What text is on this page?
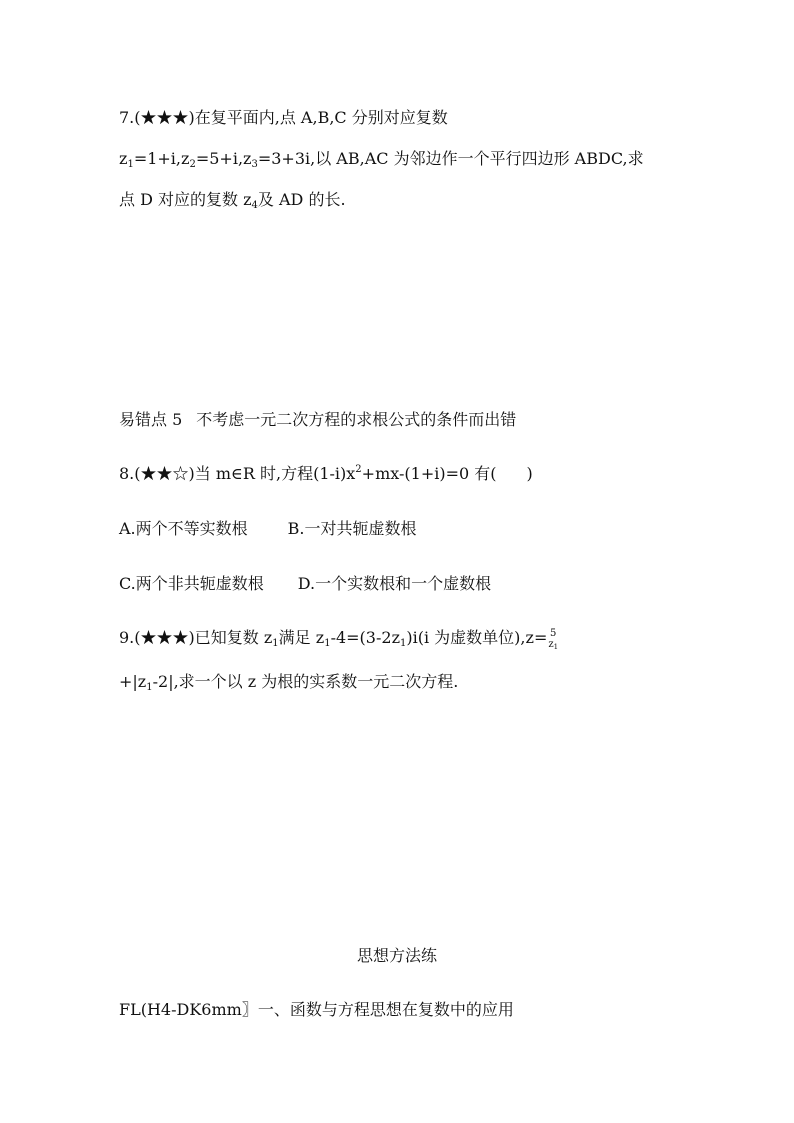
7.(★★★)在复平面内,点 A,B,C 分别对应复数
$z_1=1+i,z_2=5+i,z_3=3+3i$,以 AB,AC 为邻边作一个平行四边形 ABDC,求
点 D 对应的复数 $z_4$及 AD 的长.
易错点 5 不考虑一元二次方程的求根公式的条件而出错
8.(★★☆)当 m∈R 时,方程$(1-i)x^2+mx-(1+i)=0$ 有( )
A.两个不等实数根	B.一对共轭虚数根
C.两个非共轭虚数根 D.一个实数根和一个虚数根
9.(★★★)已知复数 $z_1$满足 $z_1-4=(3-2z_1)i(i$ 为虚数单位),z= 5
$z_1$
$+|z_1-2|$,求一个以 z 为根的实系数一元二次方程.
思想方法练
FL(H4-DK6mm〗一、函数与方程思想在复数中的应用
